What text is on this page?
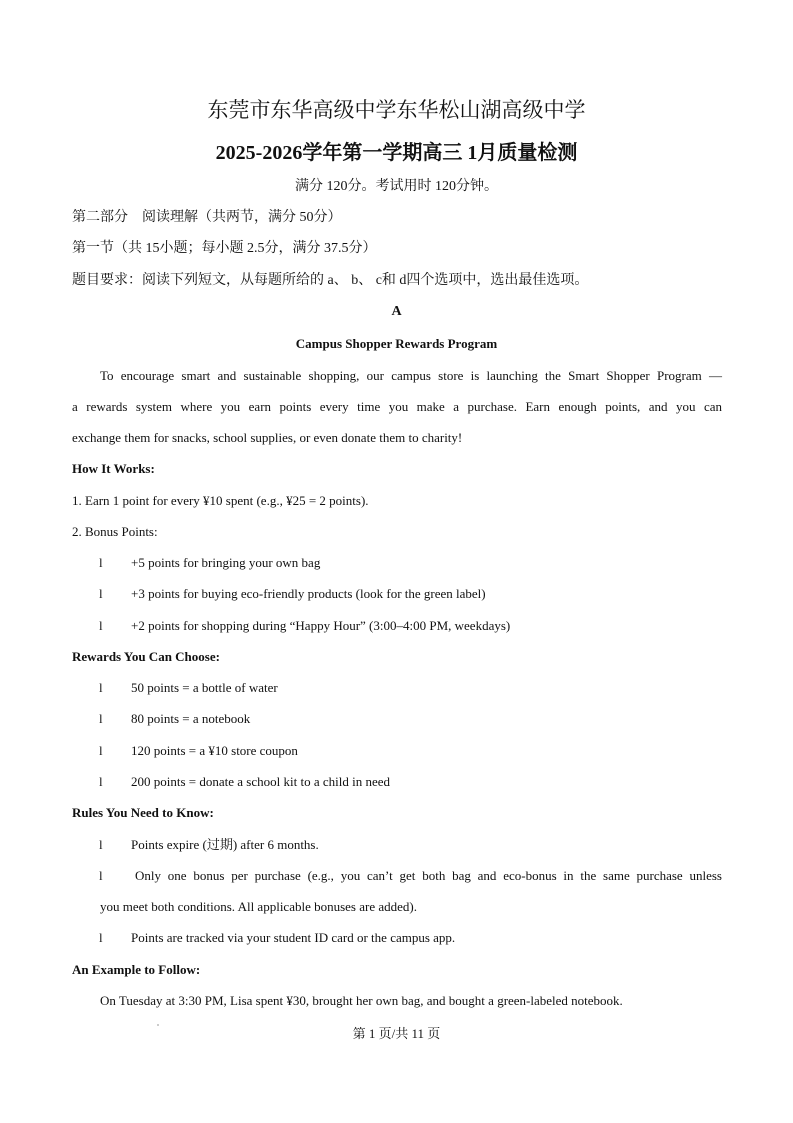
东莞市东华高级中学东华松山湖高级中学
2025-2026学年第一学期高三 1月质量检测
满分 120分。考试用时 120分钟。
第二部分　阅读理解（共两节，满分 50分）
第一节（共 15小题；每小题 2.5分，满分 37.5分）
题目要求：阅读下列短文，从每题所给的 a、 b、 c和 d四个选项中，选出最佳选项。
A
Campus Shopper Rewards Program
To encourage smart and sustainable shopping, our campus store is launching the Smart Shopper Program —
a rewards system where you earn points every time you make a purchase. Earn enough points, and you can
exchange them for snacks, school supplies, or even donate them to charity!
How It Works:
1. Earn 1 point for every ¥10 spent (e.g., ¥25 = 2 points).
2. Bonus Points:
l +5 points for bringing your own bag
l +3 points for buying eco-friendly products (look for the green label)
l +2 points for shopping during “Happy Hour” (3:00–4:00 PM, weekdays)
Rewards You Can Choose:
l 50 points = a bottle of water
l 80 points = a notebook
l 120 points = a ¥10 store coupon
l 200 points = donate a school kit to a child in need
Rules You Need to Know:
l Points expire (过期) after 6 months.
l Only one bonus per purchase (e.g., you can’t get both bag and eco-bonus in the same purchase unless
you meet both conditions. All applicable bonuses are added).
l Points are tracked via your student ID card or the campus app.
An Example to Follow:
On Tuesday at 3:30 PM, Lisa spent ¥30, brought her own bag, and bought a green-labeled notebook.
第 1 页/共 11 页
